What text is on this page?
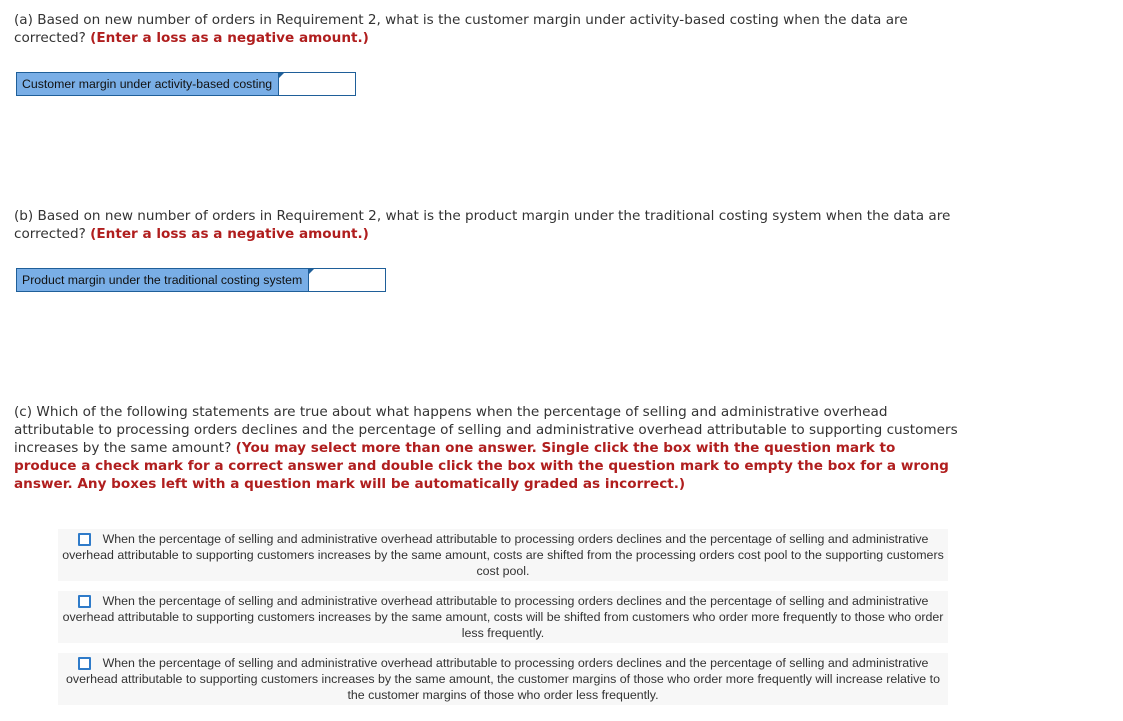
(a) Based on new number of orders in Requirement 2, what is the customer margin under activity-based costing when the data are corrected? (Enter a loss as a negative amount.)
Customer margin under activity-based costing
(b) Based on new number of orders in Requirement 2, what is the product margin under the traditional costing system when the data are corrected? (Enter a loss as a negative amount.)
Product margin under the traditional costing system
(c) Which of the following statements are true about what happens when the percentage of selling and administrative overhead attributable to processing orders declines and the percentage of selling and administrative overhead attributable to supporting customers increases by the same amount? (You may select more than one answer. Single click the box with the question mark to produce a check mark for a correct answer and double click the box with the question mark to empty the box for a wrong answer. Any boxes left with a question mark will be automatically graded as incorrect.)
When the percentage of selling and administrative overhead attributable to processing orders declines and the percentage of selling and administrative overhead attributable to supporting customers increases by the same amount, costs are shifted from the processing orders cost pool to the supporting customers cost pool.
When the percentage of selling and administrative overhead attributable to processing orders declines and the percentage of selling and administrative overhead attributable to supporting customers increases by the same amount, costs will be shifted from customers who order more frequently to those who order less frequently.
When the percentage of selling and administrative overhead attributable to processing orders declines and the percentage of selling and administrative overhead attributable to supporting customers increases by the same amount, the customer margins of those who order more frequently will increase relative to the customer margins of those who order less frequently.
